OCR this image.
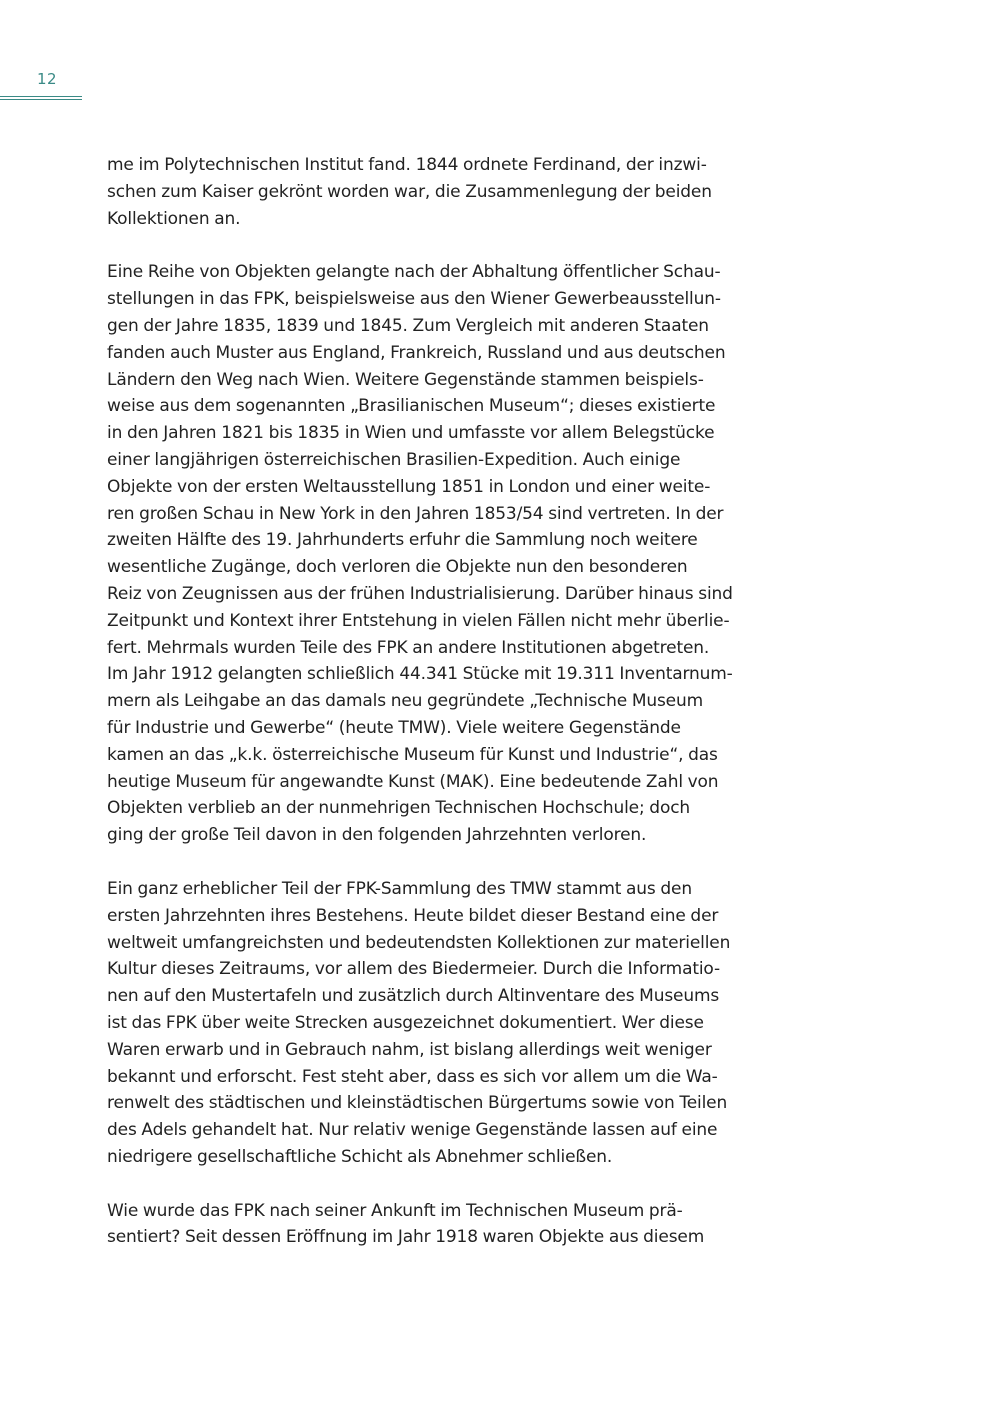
12

me im Polytechnischen Institut fand. 1844 ordnete Ferdinand, der inzwi-
schen zum Kaiser gekrönt worden war, die Zusammenlegung der beiden
Kollektionen an.

Eine Reihe von Objekten gelangte nach der Abhaltung öffentlicher Schau-
stellungen in das FPK, beispielsweise aus den Wiener Gewerbeausstellun-
gen der Jahre 1835, 1839 und 1845. Zum Vergleich mit anderen Staaten
fanden auch Muster aus England, Frankreich, Russland und aus deutschen
Ländern den Weg nach Wien. Weitere Gegenstände stammen beispiels-
weise aus dem sogenannten „Brasilianischen Museum“; dieses existierte
in den Jahren 1821 bis 1835 in Wien und umfasste vor allem Belegstücke
einer langjährigen österreichischen Brasilien-Expedition. Auch einige
Objekte von der ersten Weltausstellung 1851 in London und einer weite-
ren großen Schau in New York in den Jahren 1853/54 sind vertreten. In der
zweiten Hälfte des 19. Jahrhunderts erfuhr die Sammlung noch weitere
wesentliche Zugänge, doch verloren die Objekte nun den besonderen
Reiz von Zeugnissen aus der frühen Industrialisierung. Darüber hinaus sind
Zeitpunkt und Kontext ihrer Entstehung in vielen Fällen nicht mehr überlie-
fert. Mehrmals wurden Teile des FPK an andere Institutionen abgetreten.
Im Jahr 1912 gelangten schließlich 44.341 Stücke mit 19.311 Inventarnum-
mern als Leihgabe an das damals neu gegründete „Technische Museum
für Industrie und Gewerbe“ (heute TMW). Viele weitere Gegenstände
kamen an das „k.k. österreichische Museum für Kunst und Industrie“, das
heutige Museum für angewandte Kunst (MAK). Eine bedeutende Zahl von
Objekten verblieb an der nunmehrigen Technischen Hochschule; doch
ging der große Teil davon in den folgenden Jahrzehnten verloren.

Ein ganz erheblicher Teil der FPK-Sammlung des TMW stammt aus den
ersten Jahrzehnten ihres Bestehens. Heute bildet dieser Bestand eine der
weltweit umfangreichsten und bedeutendsten Kollektionen zur materiellen
Kultur dieses Zeitraums, vor allem des Biedermeier. Durch die Informatio-
nen auf den Mustertafeln und zusätzlich durch Altinventare des Museums
ist das FPK über weite Strecken ausgezeichnet dokumentiert. Wer diese
Waren erwarb und in Gebrauch nahm, ist bislang allerdings weit weniger
bekannt und erforscht. Fest steht aber, dass es sich vor allem um die Wa-
renwelt des städtischen und kleinstädtischen Bürgertums sowie von Teilen
des Adels gehandelt hat. Nur relativ wenige Gegenstände lassen auf eine
niedrigere gesellschaftliche Schicht als Abnehmer schließen.

Wie wurde das FPK nach seiner Ankunft im Technischen Museum prä-
sentiert? Seit dessen Eröffnung im Jahr 1918 waren Objekte aus diesem
